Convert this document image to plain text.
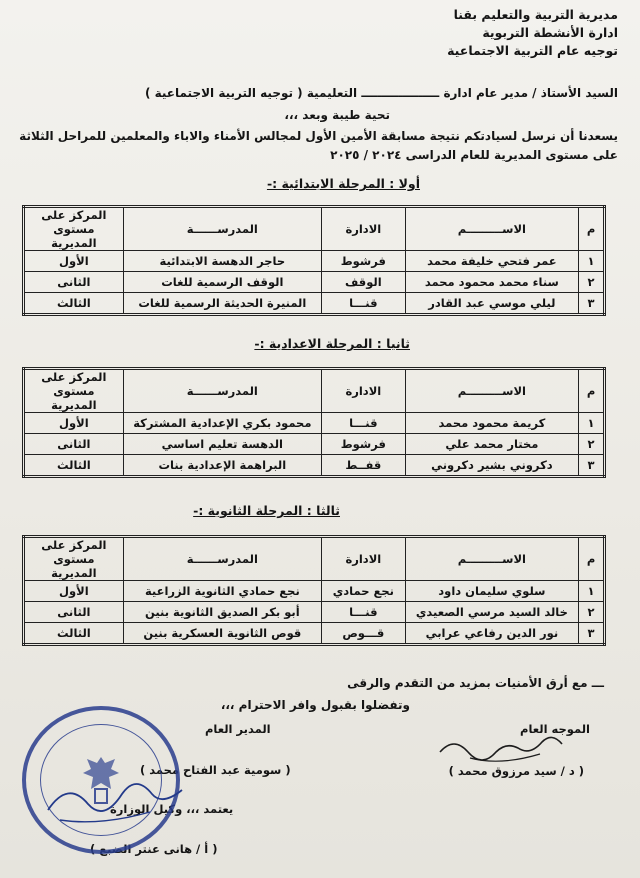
مديرية التربية والتعليم بقنا
ادارة الأنشطة التربوية
توجيه عام التربية الاجتماعية
السيد الأستاذ / مدير عام ادارة ـــــــــــــــــــ التعليمية ( توجيه التربية الاجتماعية )
تحية طيبة وبعد ،،،
يسعدنا أن نرسل لسيادتكم نتيجة مسابقة الأمين الأول لمجالس الأمناء والاباء والمعلمين للمراحل الثلاثة
على مستوى المديرية للعام الدراسى ٢٠٢٤ / ٢٠٢٥
أولا : المرحلة الابتدائية :-
م	الاســـــــــم	الادارة	المدرســــــة	المركز على
مستوى المديرية
١	عمر فتحي خليفة محمد	فرشوط	حاجر الدهسة الابتدائية	الأول
٢	سناء محمد محمود محمد	الوقف	الوقف الرسمية للغات	الثانى
٣	ليلي موسي عبد القادر	قنـــا	المنيرة الحديثة الرسمية للغات	الثالث
ثانيا : المرحلة الاعدادية :-
م	الاســـــــــم	الادارة	المدرســــــة	المركز على
مستوى المديرية
١	كريمة محمود محمد	قنـــا	محمود بكري الإعدادية المشتركة	الأول
٢	مختار محمد علي	فرشوط	الدهسة تعليم اساسي	الثانى
٣	دكروني بشير دكروني	قفــط	البراهمة الإعدادية بنات	الثالث
ثالثا : المرحلة الثانوية :-
م	الاســـــــــم	الادارة	المدرســــــة	المركز على
مستوى المديرية
١	سلوي سليمان داود	نجع حمادي	نجع حمادي الثانوية الزراعية	الأول
٢	خالد السيد مرسي الصعيدي	قنـــا	أبو بكر الصديق الثانوية بنين	الثانى
٣	نور الدين رفاعي عرابي	قـــوص	قوص الثانوية العسكرية بنين	الثالث
ـــ مع أرق الأمنيات بمزيد من التقدم والرقى
وتفضلوا بقبول وافر الاحترام ،،،
الموجه العام
( د / سيد مرزوق محمد )
المدير العام
( سومية عبد الفتاح محمد )
يعتمد ،،، وكيل الوزارة
( أ / هانى عنتر الضبع )
